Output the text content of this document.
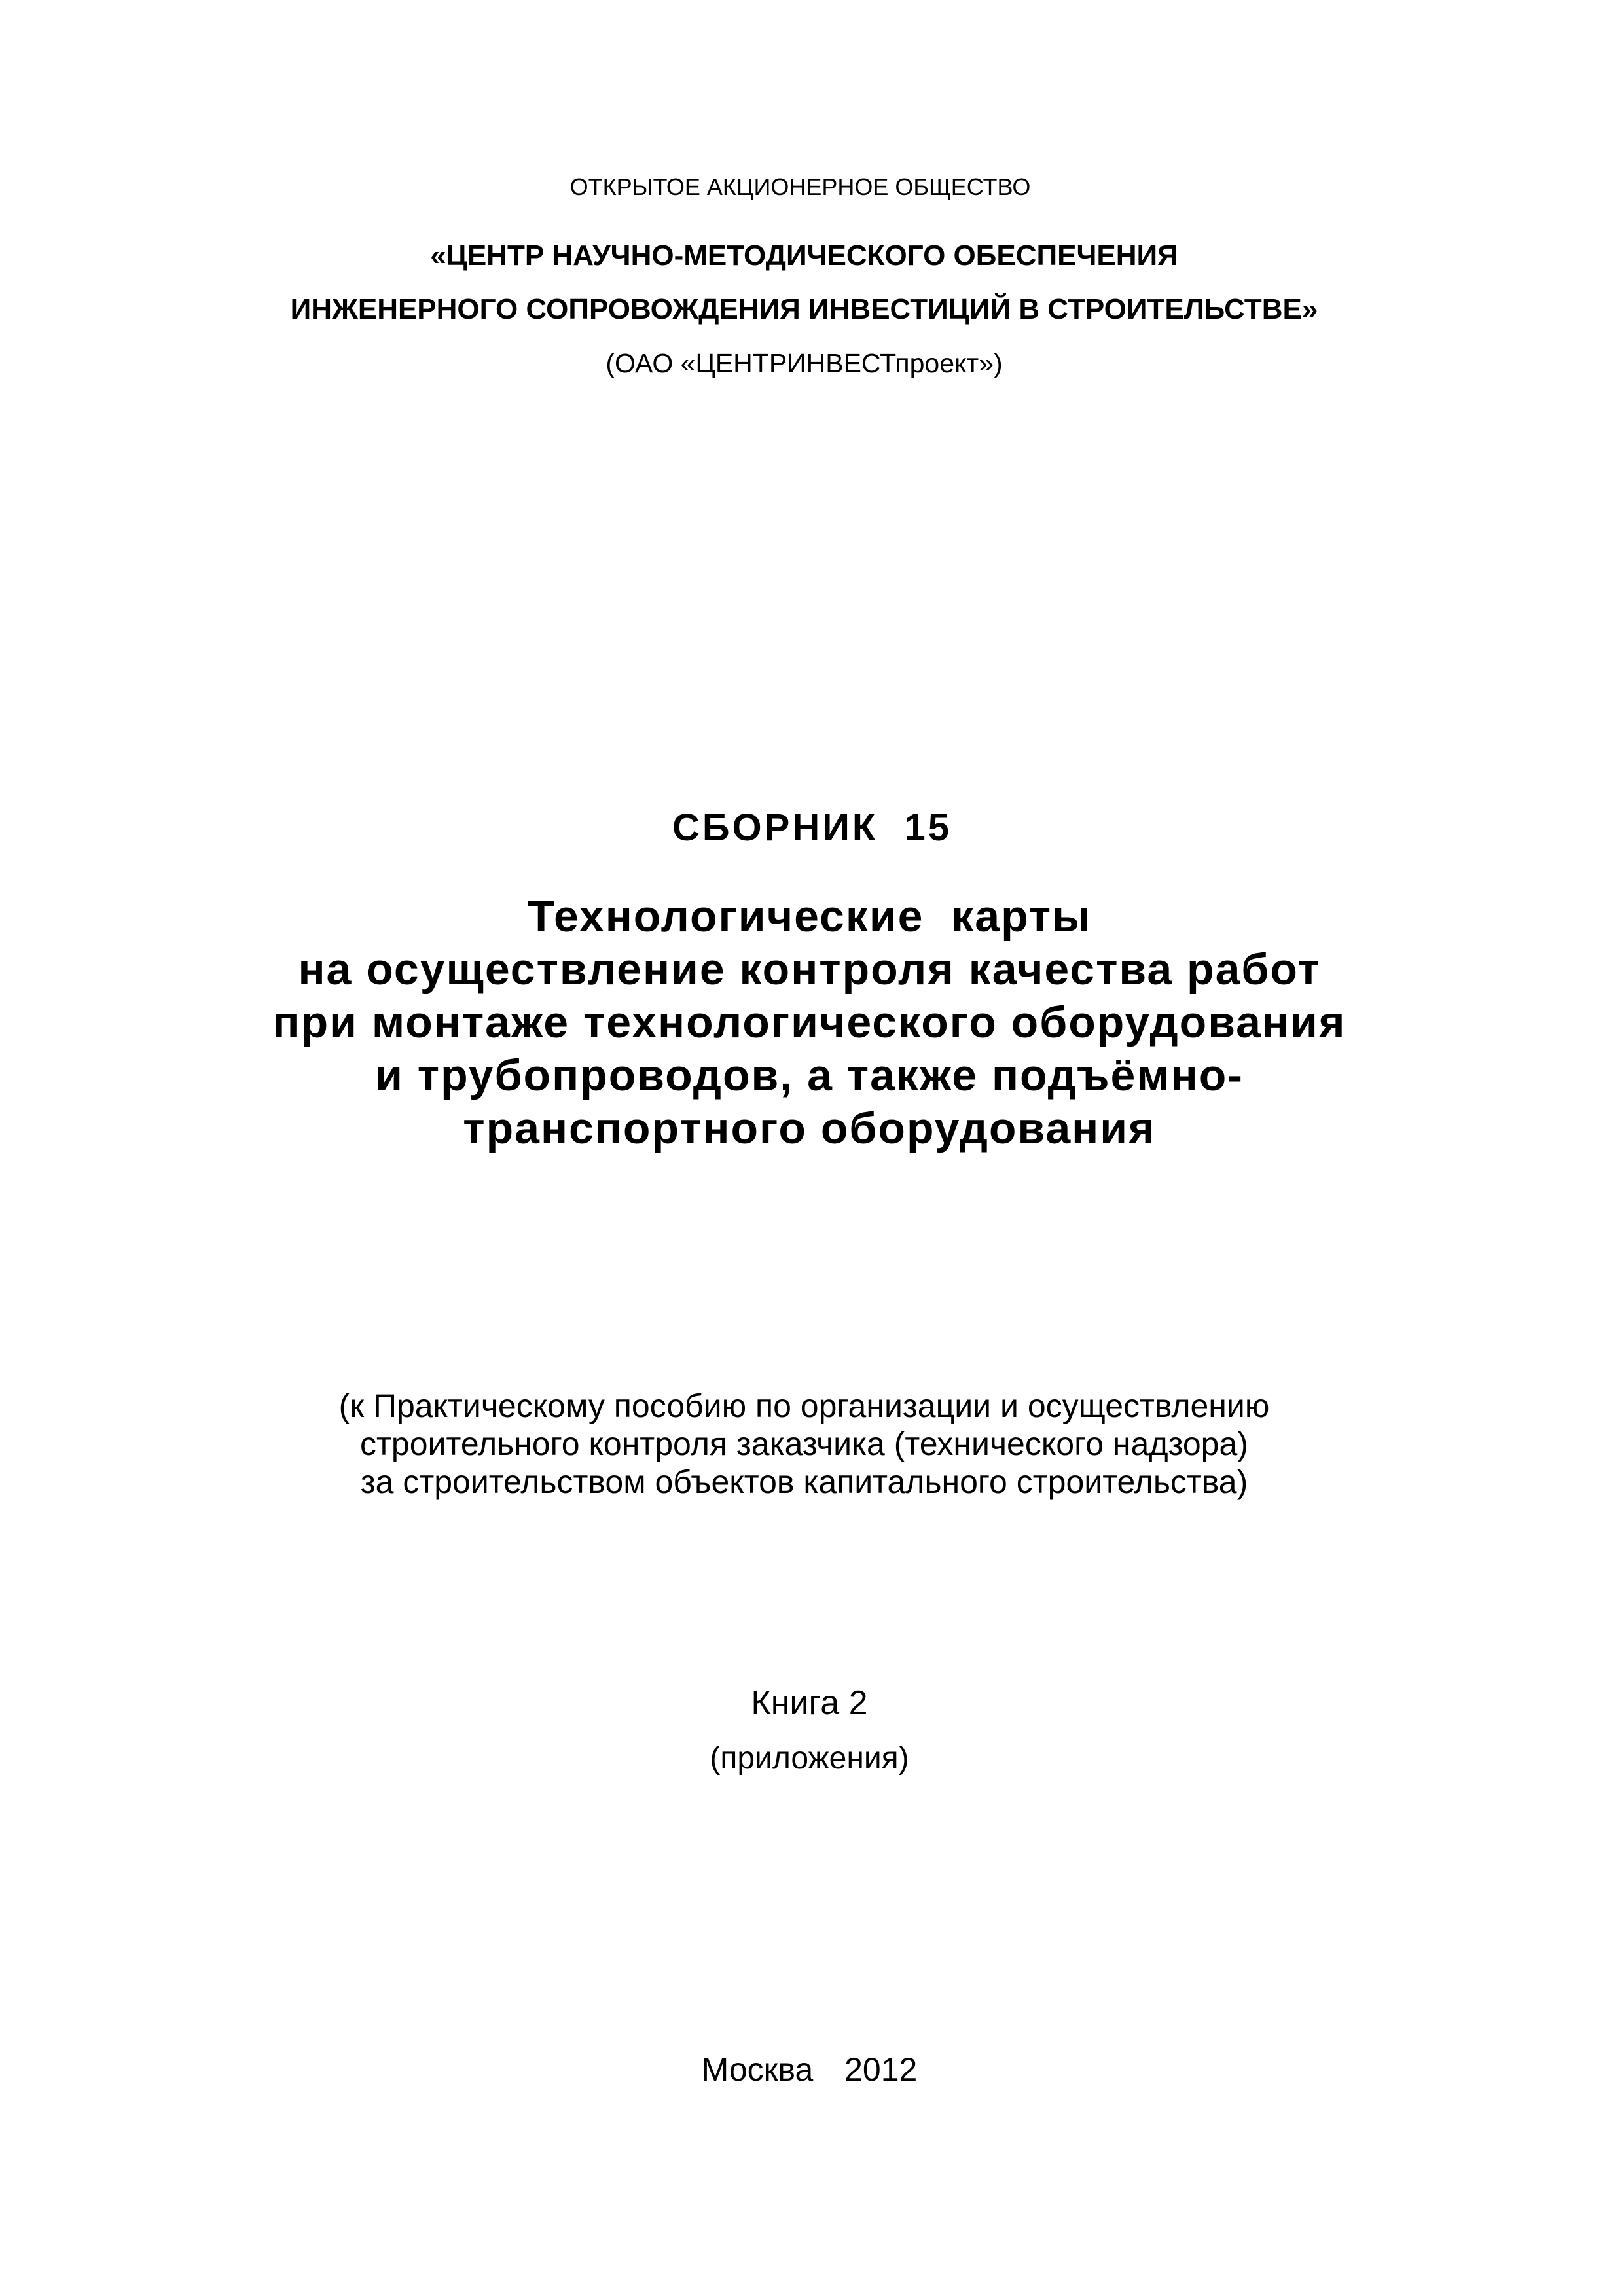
ОТКРЫТОЕ АКЦИОНЕРНОЕ ОБЩЕСТВО
«ЦЕНТР НАУЧНО-МЕТОДИЧЕСКОГО ОБЕСПЕЧЕНИЯ
ИНЖЕНЕРНОГО СОПРОВОЖДЕНИЯ ИНВЕСТИЦИЙ В СТРОИТЕЛЬСТВЕ»
(ОАО «ЦЕНТРИНВЕСТпроект»)
СБОРНИК  15
Технологические  карты
на осуществление контроля качества работ
при монтаже технологического оборудования
и трубопроводов, а также подъёмно-
транспортного оборудования
(к Практическому пособию по организации и осуществлению
строительного контроля заказчика (технического надзора)
за строительством объектов капитального строительства)
Книга 2
(приложения)
Москва  2012
